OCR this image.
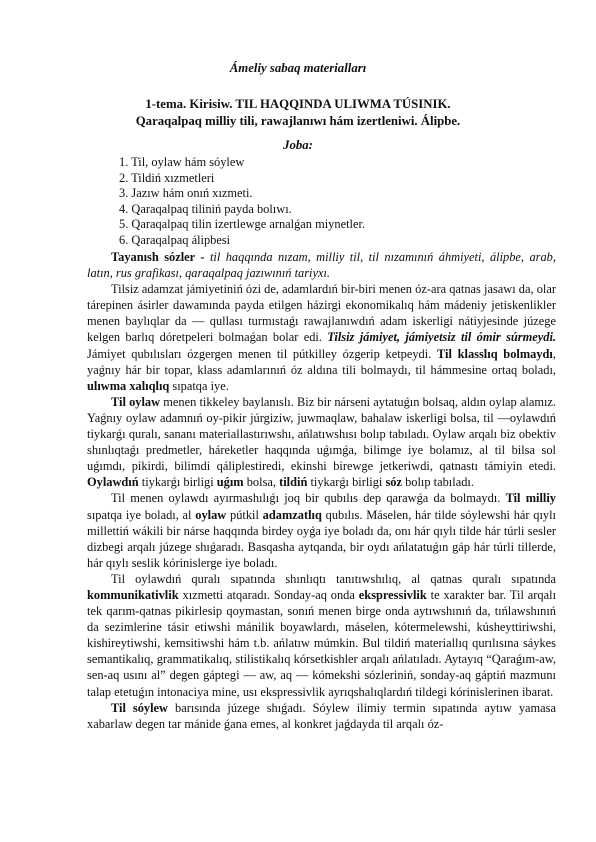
Ámeliy sabaq materialları
1-tema. Kirisiw. TIL HAQQINDA ULIWMA TÚSINIK.
Qaraqalpaq milliy tili, rawajlanıwı hám izertleniwi. Álipbe.
Joba:
1. Til, oylaw hám sóylew
2. Tildiń xızmetleri
3. Jazıw hám onıń xızmeti.
4. Qaraqalpaq tiliniń payda bolıwı.
5. Qaraqalpaq tilin izertlewge arnalǵan miynetler.
6. Qaraqalpaq álipbesi

Tayanısh sózler - til haqqında nızam, milliy til, til nızamınıń áhmiyeti, álipbe, arab, latın, rus grafikası, qaraqalpaq jazıwınıń tariyxı.

Tilsiz adamzat jámiyetiniń ózi de, adamlardıń bir-biri menen óz-ara qatnas jasawı da, olar tárepinen ásirler dawamında payda etilgen házirgi ekonomikalıq hám mádeniy jetiskenlikler menen baylıqlar da — qullası turmıstaǵı rawajlanıwdıń adam iskerligi nátiyjesinde júzege kelgen barlıq dóretpeleri bolmaǵan bolar edi. Tilsiz jámiyet, jámiyetsiz til ómir súrmeydi. Jámiyet qubılısları ózgergen menen til pútkilley ózgerip ketpeydi. Til klasslıq bolmaydı, yaǵnıy hár bir topar, klass adamlarınıń óz aldına tili bolmaydı, til hámmesine ortaq boladı, ulıwma xalıqlıq sıpatqa iye.

Til oylaw menen tikkeley baylanıslı. Biz bir nárseni aytatuǵın bolsaq, aldın oylap alamız. Yaǵnıy oylaw adamnıń oy-pikir júrgiziw, juwmaqlaw, bahalaw iskerligi bolsa, til —oylawdıń tiykarǵı quralı, sananı materiallastırıwshı, ańlatıwshısı bolıp tabıladı. Oylaw arqalı biz obektiv shınlıqtaǵı predmetler, háreketler haqqında uǵımǵa, bilimge iye bolamız, al til bilsa sol uǵımdı, pikirdi, bilimdi qáliplestiredi, ekinshi birewge jetkeriwdi, qatnastı támiyin etedi. Oylawdıń tiykarǵı birligi uǵım bolsa, tildiń tiykarǵı birligi sóz bolıp tabıladı.

Til menen oylawdı ayırmashılıǵı joq bir qubılıs dep qarawǵa da bolmaydı. Til milliy sıpatqa iye boladı, al oylaw pútkil adamzatlıq qubılıs. Máselen, hár tilde sóylewshi hár qıylı millettiń wákili bir nárse haqqında birdey oyǵa iye boladı da, onı hár qıylı tilde hár túrli sesler dizbegi arqalı júzege shıǵaradı. Basqasha aytqanda, bir oydı ańlatatuǵın gáp hár túrli tillerde, hár qıylı seslik kórinislerge iye boladı.

Til oylawdıń quralı sıpatında shınlıqtı tanıtıwshılıq, al qatnas quralı sıpatında kommunikativlik xızmetti atqaradı. Sonday-aq onda ekspressivlik te xarakter bar. Til arqalı tek qarım-qatnas pikirlesip qoymastan, sonıń menen birge onda aytıwshınıń da, tıńlawshınıń da sezimlerine tásir etiwshi mánilik boyawlardı, máselen, kótermelewshi, kúsheyttiriwshi, kishireytiwshi, kemsitiwshi hám t.b. ańlatıw múmkin. Bul tildiń materiallıq qurılısına sáykes semantikalıq, grammatikalıq, stilistikalıq kórsetkishler arqalı ańlatıladı. Aytayıq “Qaraǵım-aw, sen-aq usını al” degen gáptegi — aw, aq — kómekshi sózleriniń, sonday-aq gáptiń mazmunı talap etetuǵın intonaciya mine, usı ekspressivlik ayrıqshalıqlardıń tildegi kórinislerinen ibarat.

Til sóylew barısında júzege shıǵadı. Sóylew ilimiy termin sıpatında aytıw yamasa xabarlaw degen tar mánide ǵana emes, al konkret jaǵdayda til arqalı óz-
